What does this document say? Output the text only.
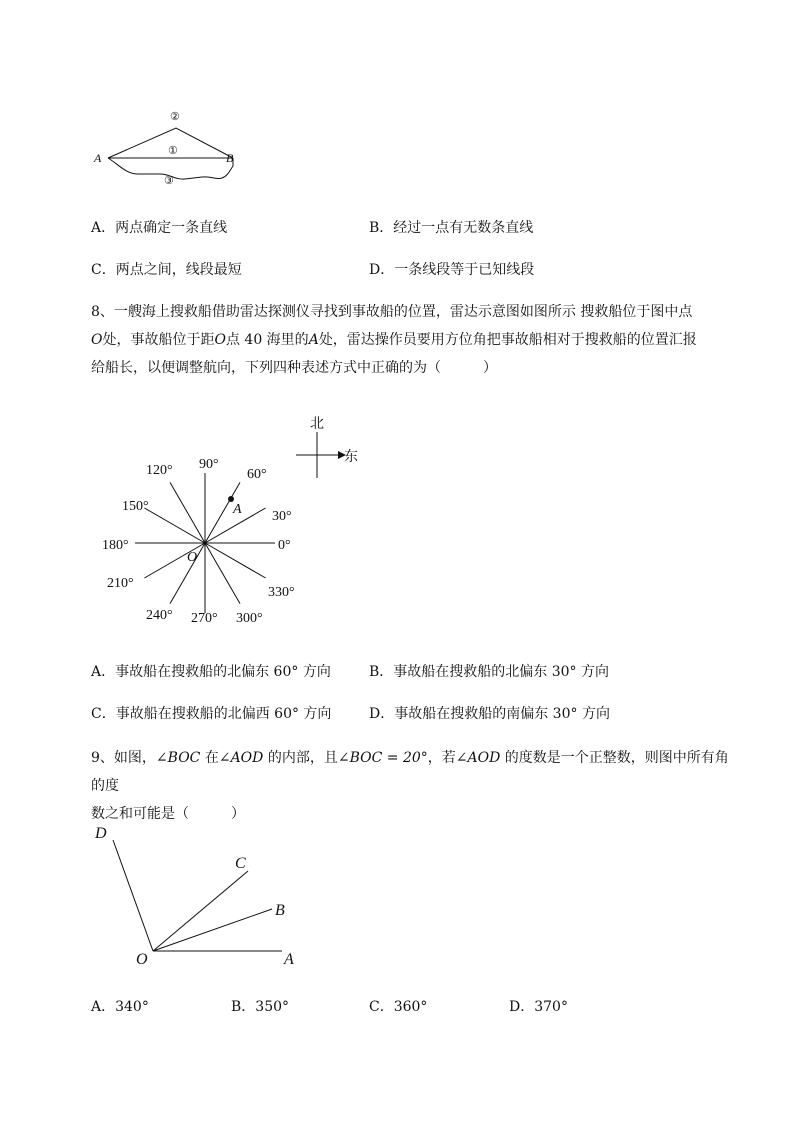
A	B
②
①
③
A．两点确定一条直线	B．经过一点有无数条直线
C．两点之间，线段最短	D．一条线段等于已知线段
8、一艘海上搜救船借助雷达探测仪寻找到事故船的位置，雷达示意图如图所示 搜救船位于图中点
O处，事故船位于距O点 40 海里的A处，雷达操作员要用方位角把事故船相对于搜救船的位置汇报
给船长，以便调整航向，下列四种表述方式中正确的为（　　　）
北
东
A
O
0°
30°
60°
90°
120°
150°
180°
210°
240° 270° 300°
330°
A．事故船在搜救船的北偏东 60° 方向	B．事故船在搜救船的北偏东 30° 方向
C．事故船在搜救船的北偏西 60° 方向	D．事故船在搜救船的南偏东 30° 方向
9、如图，∠BOC 在∠AOD 的内部，且∠BOC = 20°，若∠AOD 的度数是一个正整数，则图中所有角的度
数之和可能是（　　　）
D
C
B
O	A
A．340°	B．350°	C．360°	D．370°
